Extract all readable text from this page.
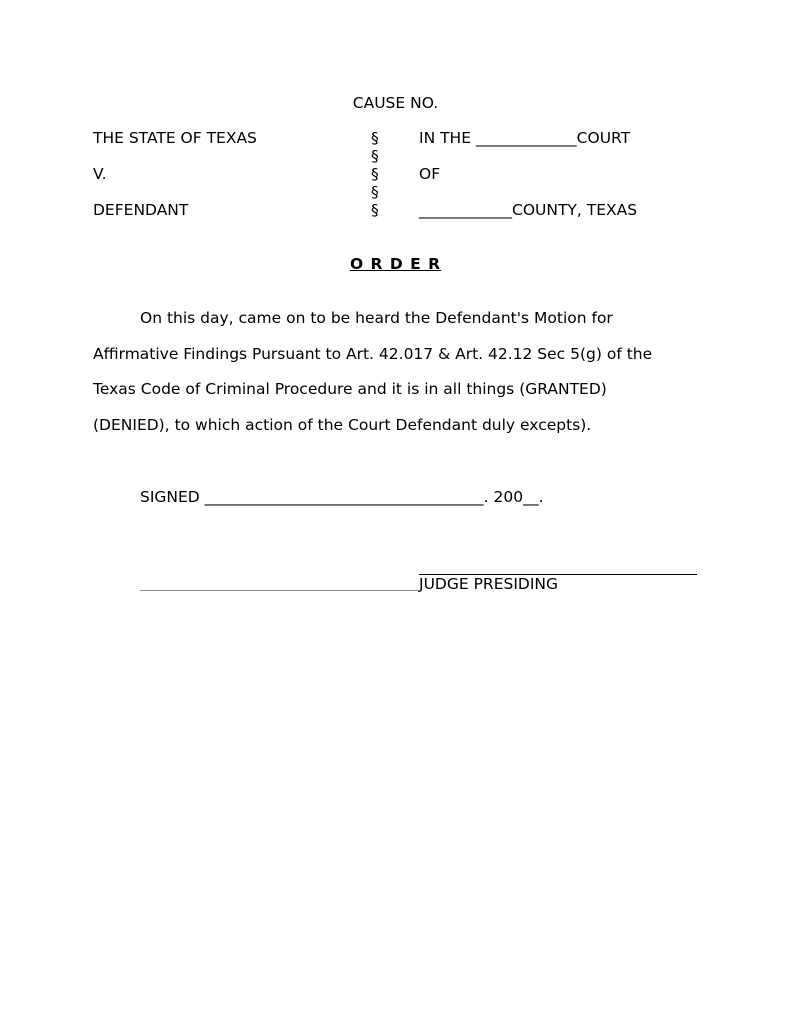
CAUSE NO.
THE STATE OF TEXAS
V.
DEFENDANT
§
§
§
§
§
IN THE _____________COURT
OF
____________COUNTY, TEXAS
O R D E R
On this day, came on to be heard the Defendant's Motion for
Affirmative Findings Pursuant to Art. 42.017 & Art. 42.12 Sec 5(g) of the
Texas Code of Criminal Procedure and it is in all things (GRANTED)
(DENIED), to which action of the Court Defendant duly excepts).
SIGNED ____________________________________. 200__.
JUDGE PRESIDING
